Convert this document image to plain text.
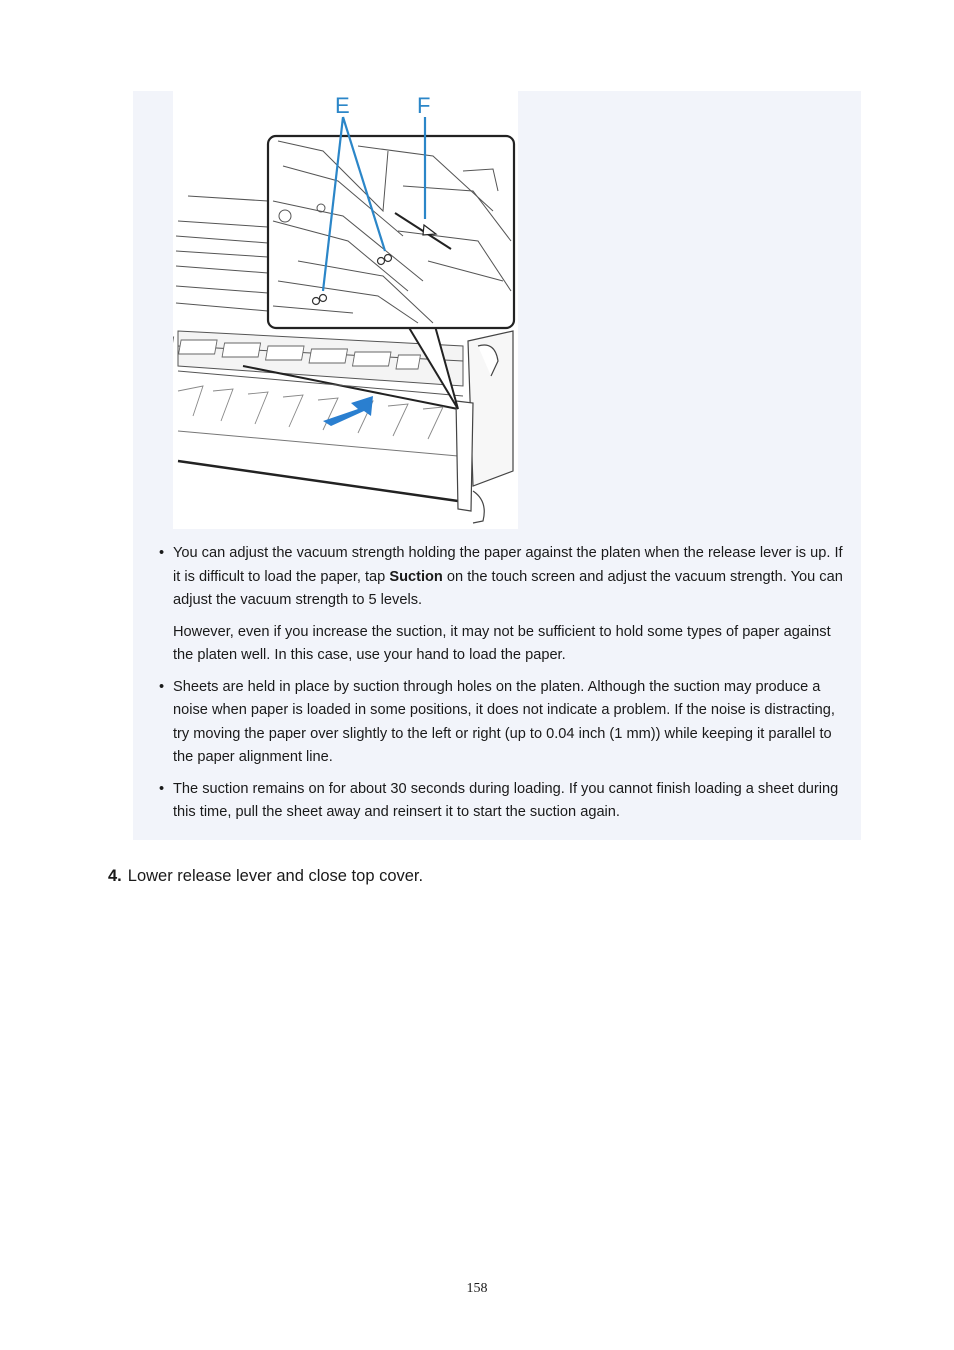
E	F
• You can adjust the vacuum strength holding the paper against the platen when the release lever is up. If it is difficult to load the paper, tap Suction on the touch screen and adjust the vacuum strength. You can adjust the vacuum strength to 5 levels.

However, even if you increase the suction, it may not be sufficient to hold some types of paper against the platen well. In this case, use your hand to load the paper.

• Sheets are held in place by suction through holes on the platen. Although the suction may produce a noise when paper is loaded in some positions, it does not indicate a problem. If the noise is distracting, try moving the paper over slightly to the left or right (up to 0.04 inch (1 mm)) while keeping it parallel to the paper alignment line.

• The suction remains on for about 30 seconds during loading. If you cannot finish loading a sheet during this time, pull the sheet away and reinsert it to start the suction again.

4. Lower release lever and close top cover.
158
